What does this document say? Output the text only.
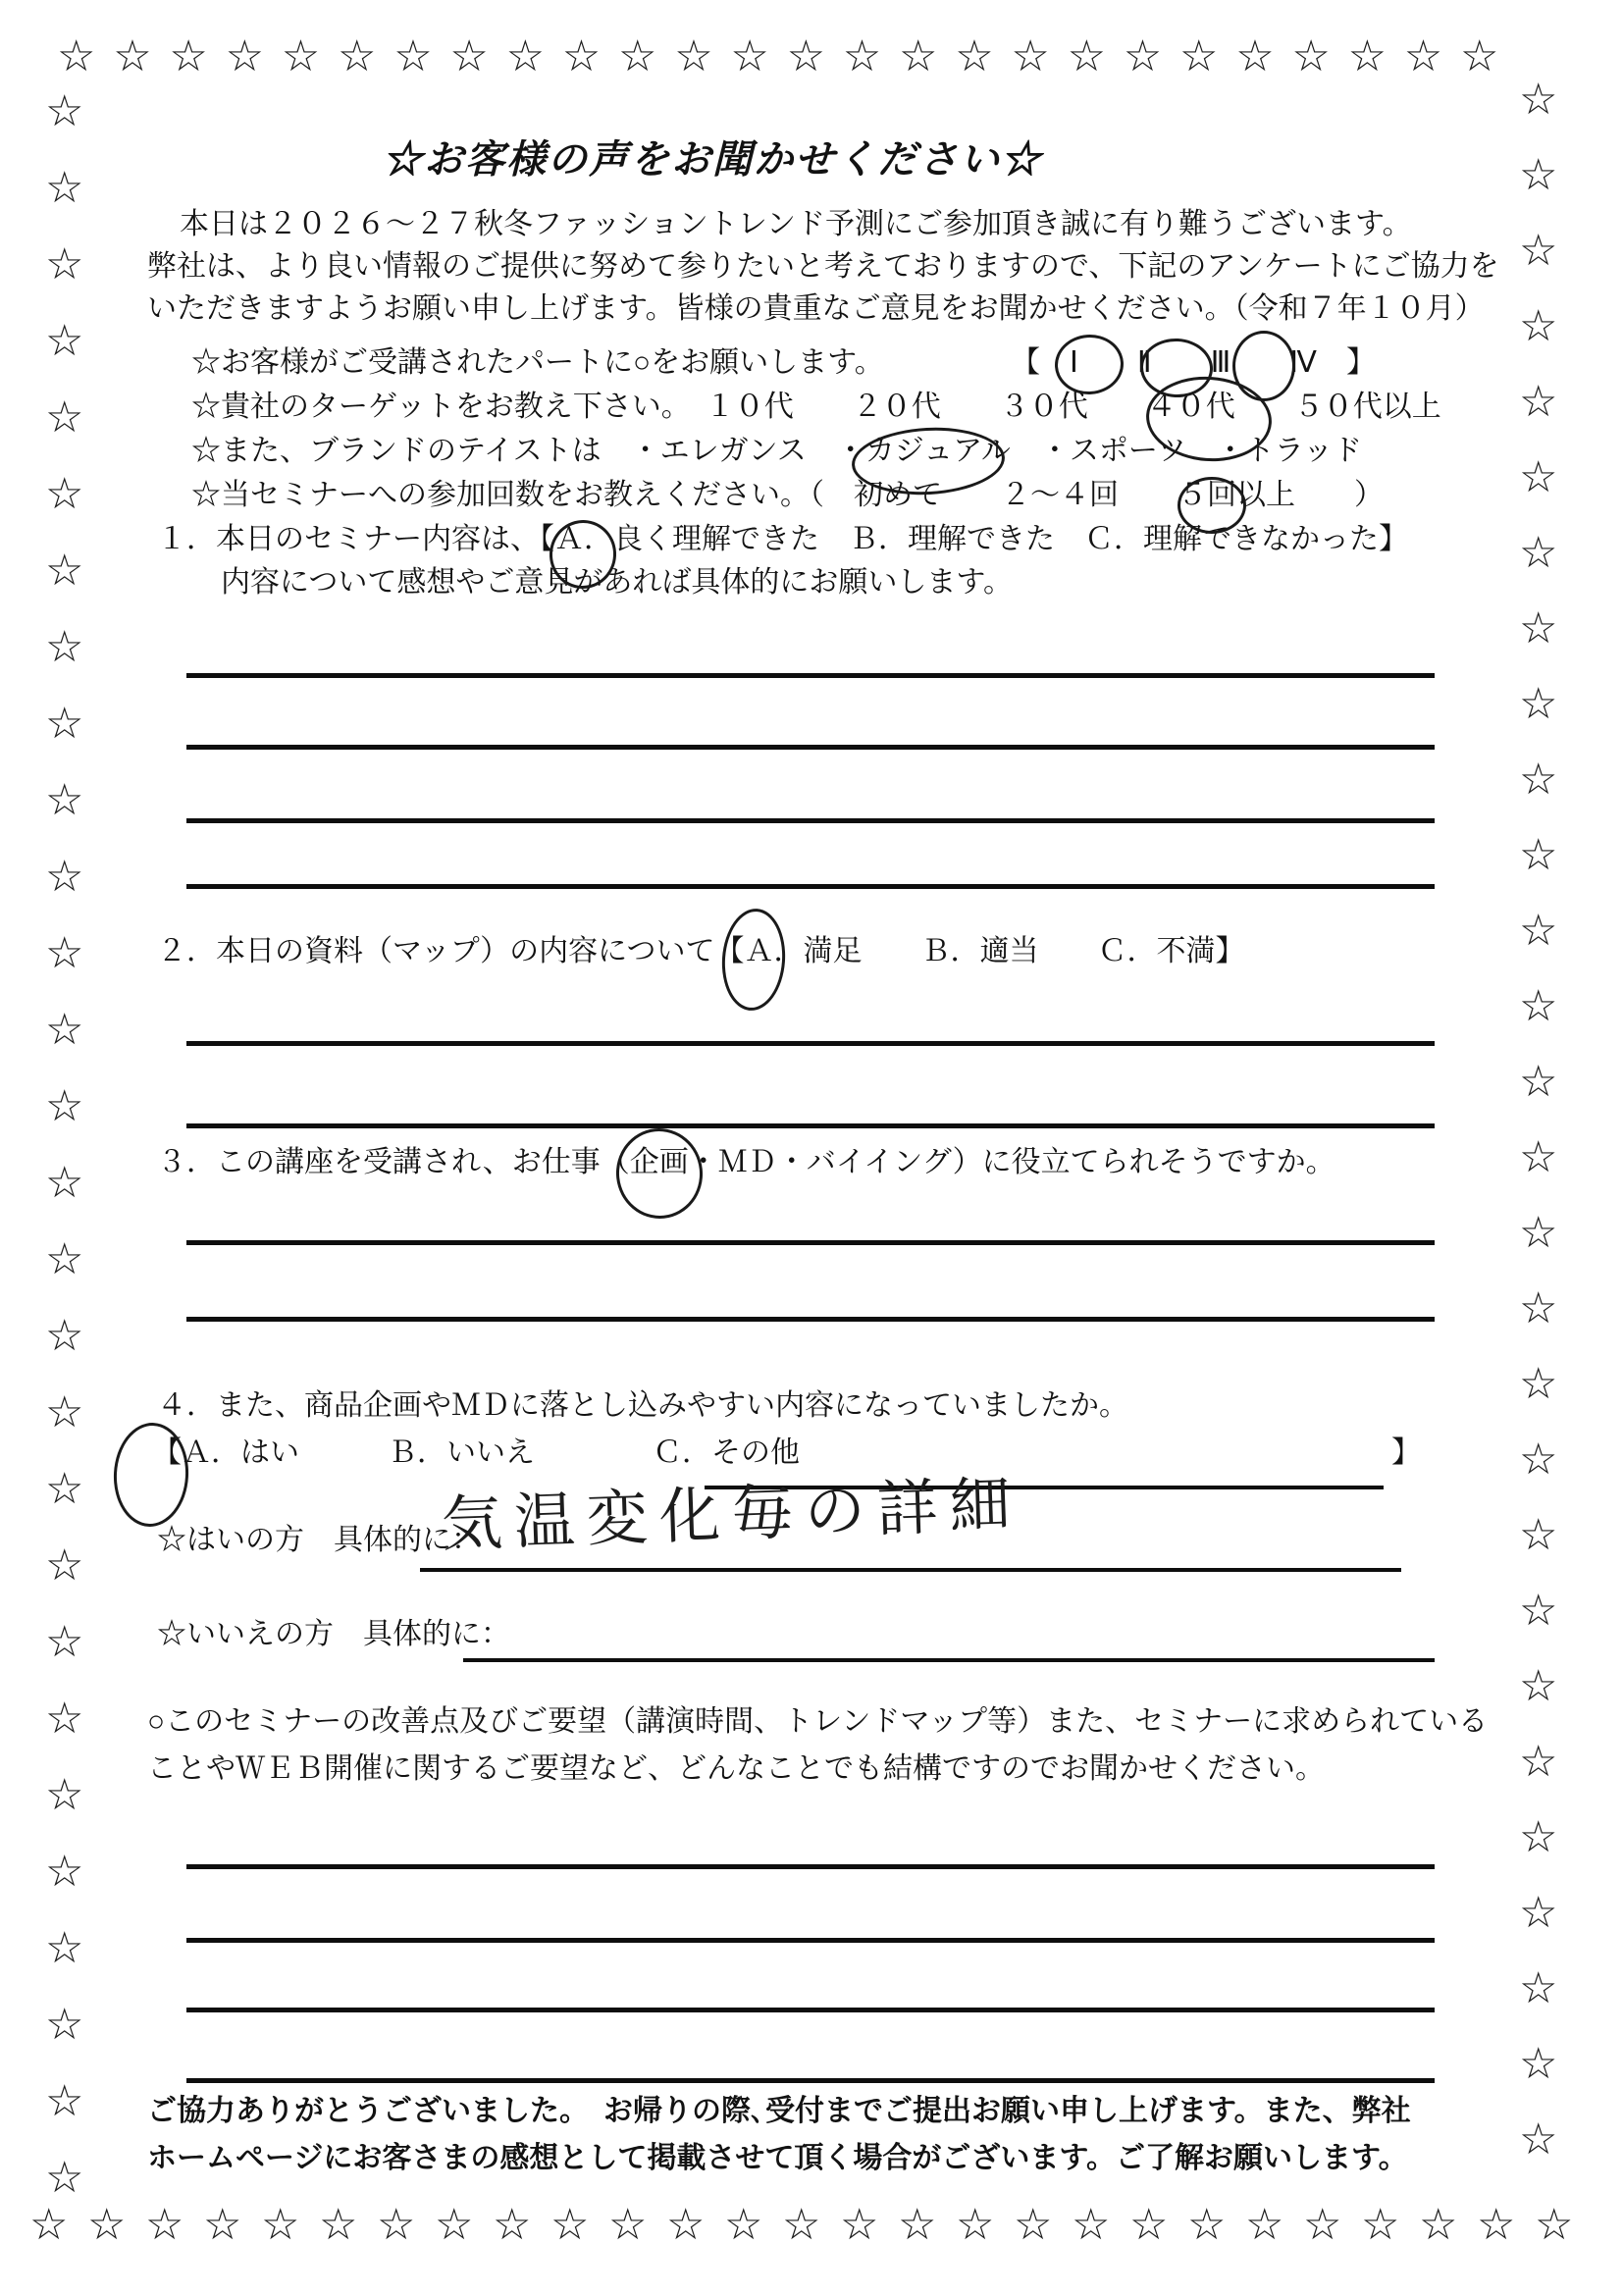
☆ ☆ ☆ ☆ ☆ ☆ ☆ ☆ ☆ ☆ ☆ ☆ ☆ ☆ ☆ ☆ ☆ ☆ ☆ ☆ ☆ ☆ ☆ ☆ ☆ ☆
☆ ☆ ☆ ☆ ☆ ☆ ☆ ☆ ☆ ☆ ☆ ☆ ☆ ☆ ☆ ☆ ☆ ☆ ☆ ☆ ☆ ☆ ☆ ☆ ☆ ☆ ☆
☆
☆
☆
☆
☆
☆
☆
☆
☆
☆
☆
☆
☆
☆
☆
☆
☆
☆
☆
☆
☆
☆
☆
☆
☆
☆
☆
☆
☆
☆
☆
☆
☆
☆
☆
☆
☆
☆
☆
☆
☆
☆
☆
☆
☆
☆
☆
☆
☆
☆
☆
☆
☆
☆
☆
☆
☆お客様の声をお聞かせください☆
本日は２０２６～２７秋冬ファッショントレンド予測にご参加頂き誠に有り難うございます。
弊社は、より良い情報のご提供に努めて参りたいと考えておりますので、下記のアンケートにご協力を
いただきますようお願い申し上げます。皆様の貴重なご意見をお聞かせください。（令和７年１０月）
☆お客様がご受講されたパートに○をお願いします。	【　Ⅰ　　Ⅱ　　Ⅲ　　Ⅳ　】
☆貴社のターゲットをお教え下さい。　１０代　　２０代　　３０代　　４０代　　５０代以上
☆また、ブランドのテイストは　・エレガンス　・カジュアル　・スポーツ　・トラッド
☆当セミナーへの参加回数をお教えください。（　初めて　　２～４回　　５回以上　　）
１．本日のセミナー内容は、【Ａ．良く理解できた　Ｂ．理解できた　Ｃ．理解できなかった】
内容について感想やご意見があれば具体的にお願いします。
２．本日の資料（マップ）の内容について【Ａ．満足　　Ｂ．適当　　Ｃ．不満】
３．この講座を受講され、お仕事（企画・ＭＤ・バイイング）に役立てられそうですか。
４．また、商品企画やＭＤに落とし込みやすい内容になっていましたか。
【Ａ．はい　　　Ｂ．いいえ　　　　Ｃ．その他	】
☆はいの方　具体的に：
気温変化毎の詳細
☆いいえの方　具体的に：
○このセミナーの改善点及びご要望（講演時間、トレンドマップ等）また、セミナーに求められている
ことやＷＥＢ開催に関するご要望など、どんなことでも結構ですのでお聞かせください。
ご協力ありがとうございました。　お帰りの際､受付までご提出お願い申し上げます。また、弊社
ホームページにお客さまの感想として掲載させて頂く場合がございます。ご了解お願いします。
